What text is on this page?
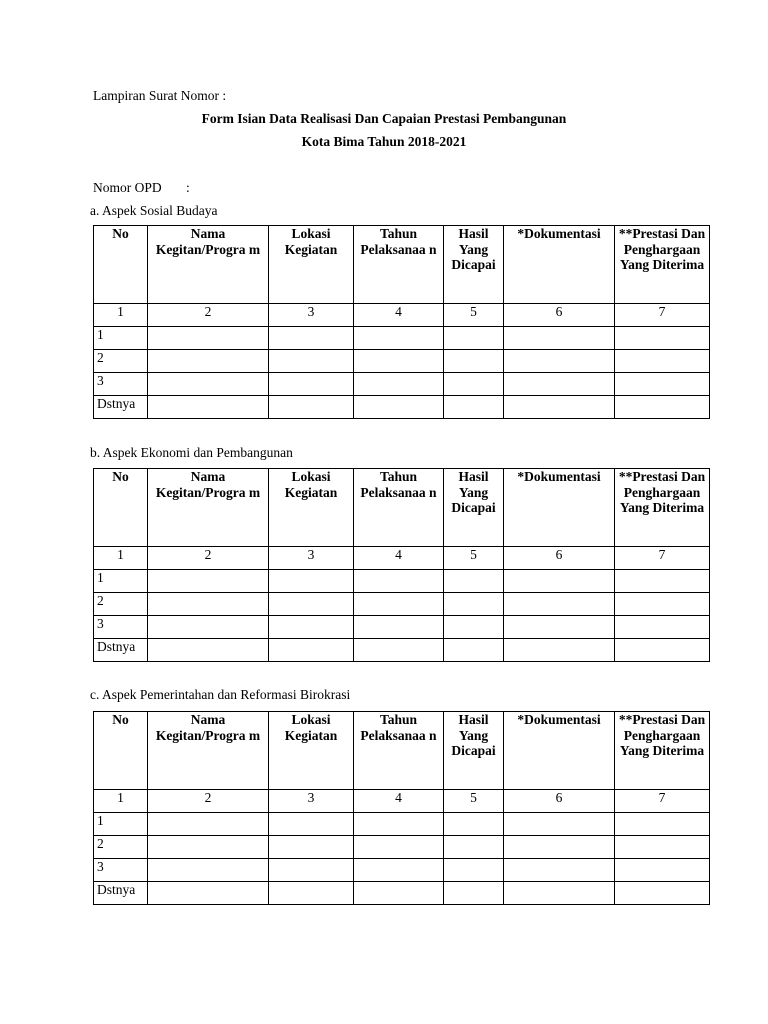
Lampiran Surat Nomor :
Form Isian Data Realisasi Dan Capaian Prestasi Pembangunan
Kota Bima Tahun 2018-2021
Nomor OPD :
a. Aspek Sosial Budaya
No	Nama Kegitan/Progra m	Lokasi Kegiatan	Tahun Pelaksanaa n	Hasil Yang Dicapai	*Dokumentasi	**Prestasi Dan Penghargaan Yang Diterima
1	2	3	4	5	6	7
1						
2						
3						
Dstnya						
b. Aspek Ekonomi dan Pembangunan
No	Nama Kegitan/Progra m	Lokasi Kegiatan	Tahun Pelaksanaa n	Hasil Yang Dicapai	*Dokumentasi	**Prestasi Dan Penghargaan Yang Diterima
1	2	3	4	5	6	7
1						
2						
3						
Dstnya						
c. Aspek Pemerintahan dan Reformasi Birokrasi
No	Nama Kegitan/Progra m	Lokasi Kegiatan	Tahun Pelaksanaa n	Hasil Yang Dicapai	*Dokumentasi	**Prestasi Dan Penghargaan Yang Diterima
1	2	3	4	5	6	7
1						
2						
3						
Dstnya						
